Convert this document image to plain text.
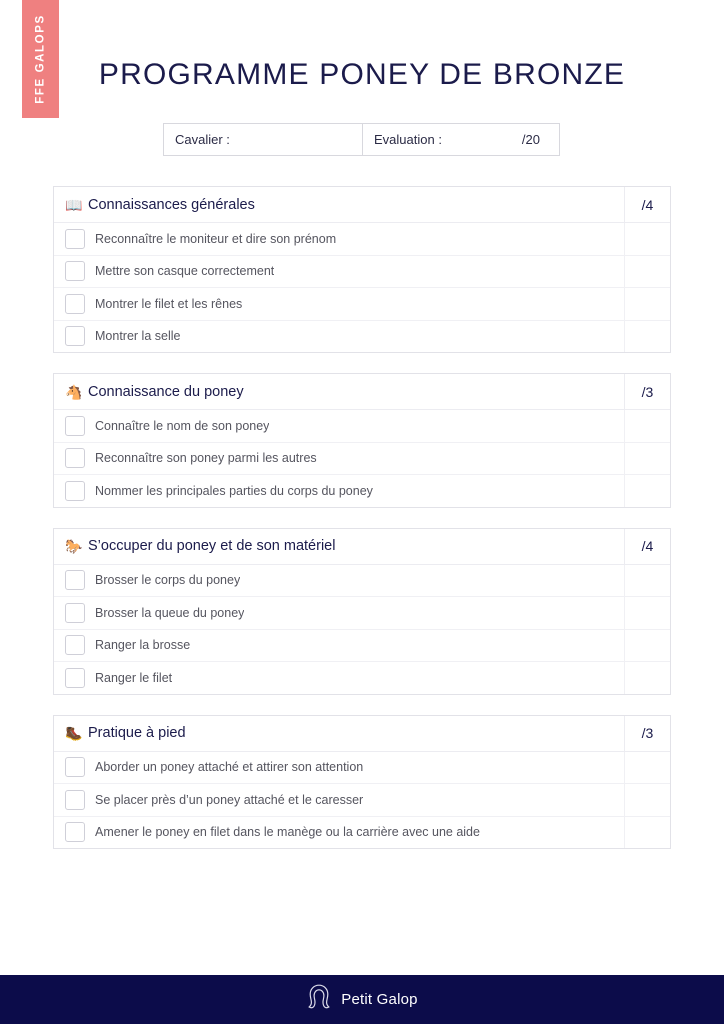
FFE GALOPS	PROGRAMME PONEY DE BRONZE
Cavalier :	Evaluation :	/20
📖 Connaissances générales	/4
Reconnaître le moniteur et dire son prénom
Mettre son casque correctement
Montrer le filet et les rênes
Montrer la selle
🐴 Connaissance du poney	/3
Connaître le nom de son poney
Reconnaître son poney parmi les autres
Nommer les principales parties du corps du poney
🐎 S’occuper du poney et de son matériel	/4
Brosser le corps du poney
Brosser la queue du poney
Ranger la brosse
Ranger le filet
🥾 Pratique à pied	/3
Aborder un poney attaché et attirer son attention
Se placer près d’un poney attaché et le caresser
Amener le poney en filet dans le manège ou la carrière avec une aide
Petit Galop
